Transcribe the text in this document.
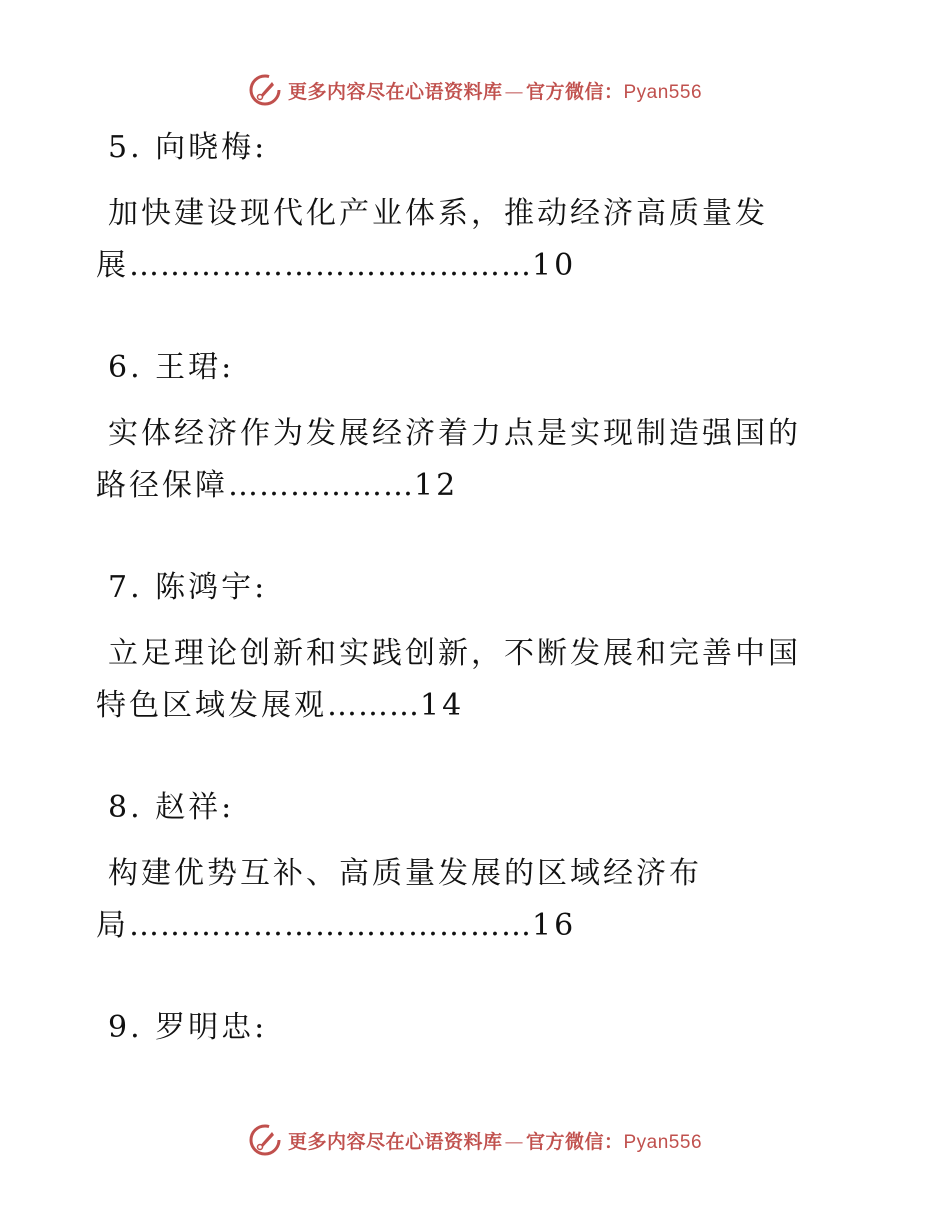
更多内容尽在心语资料库 — 官方微信：Pyan556
5. 向晓梅:
加快建设现代化产业体系，推动经济高质量发
展…………………………………10
6. 王珺:
实体经济作为发展经济着力点是实现制造强国的
路径保障………………12
7. 陈鸿宇:
立足理论创新和实践创新，不断发展和完善中国
特色区域发展观………14
8. 赵祥:
构建优势互补、高质量发展的区域经济布
局…………………………………16
9. 罗明忠:
更多内容尽在心语资料库 — 官方微信：Pyan556
